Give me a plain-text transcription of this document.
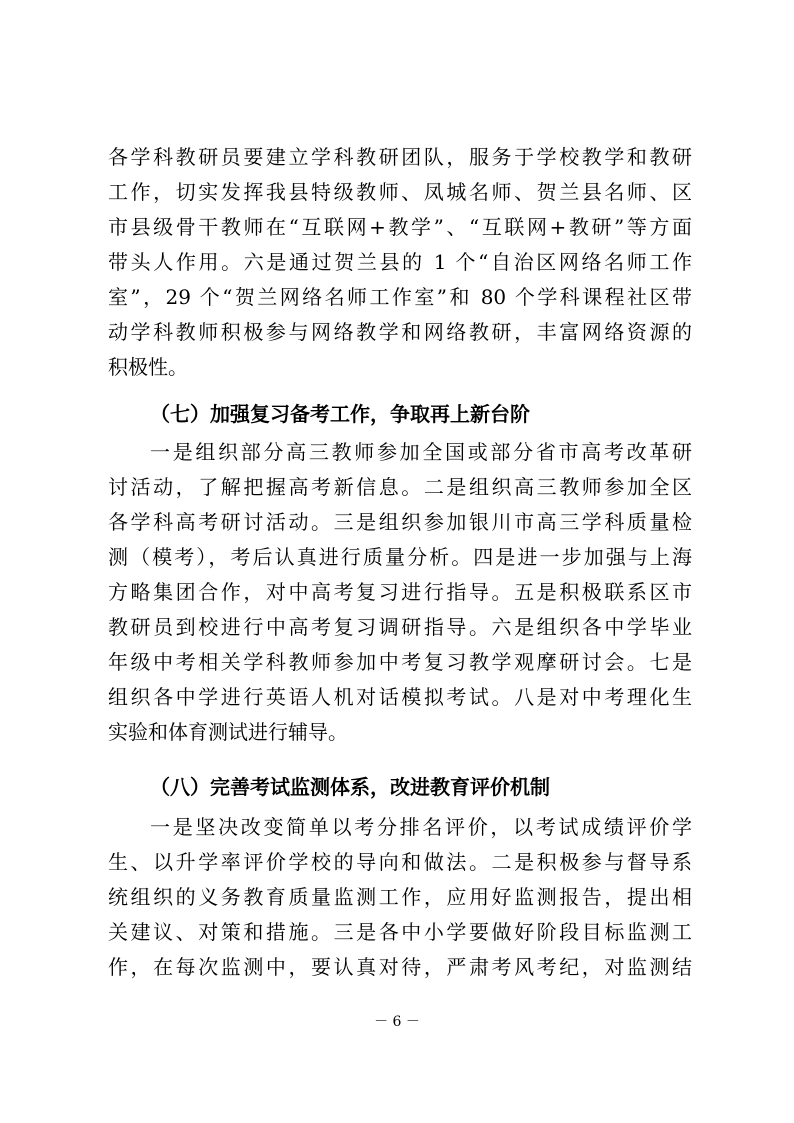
各学科教研员要建立学科教研团队，服务于学校教学和教研
工作，切实发挥我县特级教师、凤城名师、贺兰县名师、区
市县级骨干教师在“互联网+教学”、“互联网+教研”等方面
带头人作用。六是通过贺兰县的 1 个“自治区网络名师工作
室”，29 个“贺兰网络名师工作室”和 80 个学科课程社区带
动学科教师积极参与网络教学和网络教研，丰富网络资源的
积极性。
（七）加强复习备考工作，争取再上新台阶
一是组织部分高三教师参加全国或部分省市高考改革研
讨活动，了解把握高考新信息。二是组织高三教师参加全区
各学科高考研讨活动。三是组织参加银川市高三学科质量检
测（模考），考后认真进行质量分析。四是进一步加强与上海
方略集团合作，对中高考复习进行指导。五是积极联系区市
教研员到校进行中高考复习调研指导。六是组织各中学毕业
年级中考相关学科教师参加中考复习教学观摩研讨会。七是
组织各中学进行英语人机对话模拟考试。八是对中考理化生
实验和体育测试进行辅导。
（八）完善考试监测体系，改进教育评价机制
一是坚决改变简单以考分排名评价，以考试成绩评价学
生、以升学率评价学校的导向和做法。二是积极参与督导系
统组织的义务教育质量监测工作，应用好监测报告，提出相
关建议、对策和措施。三是各中小学要做好阶段目标监测工
作，在每次监测中，要认真对待，严肃考风考纪，对监测结
－ 6 －
